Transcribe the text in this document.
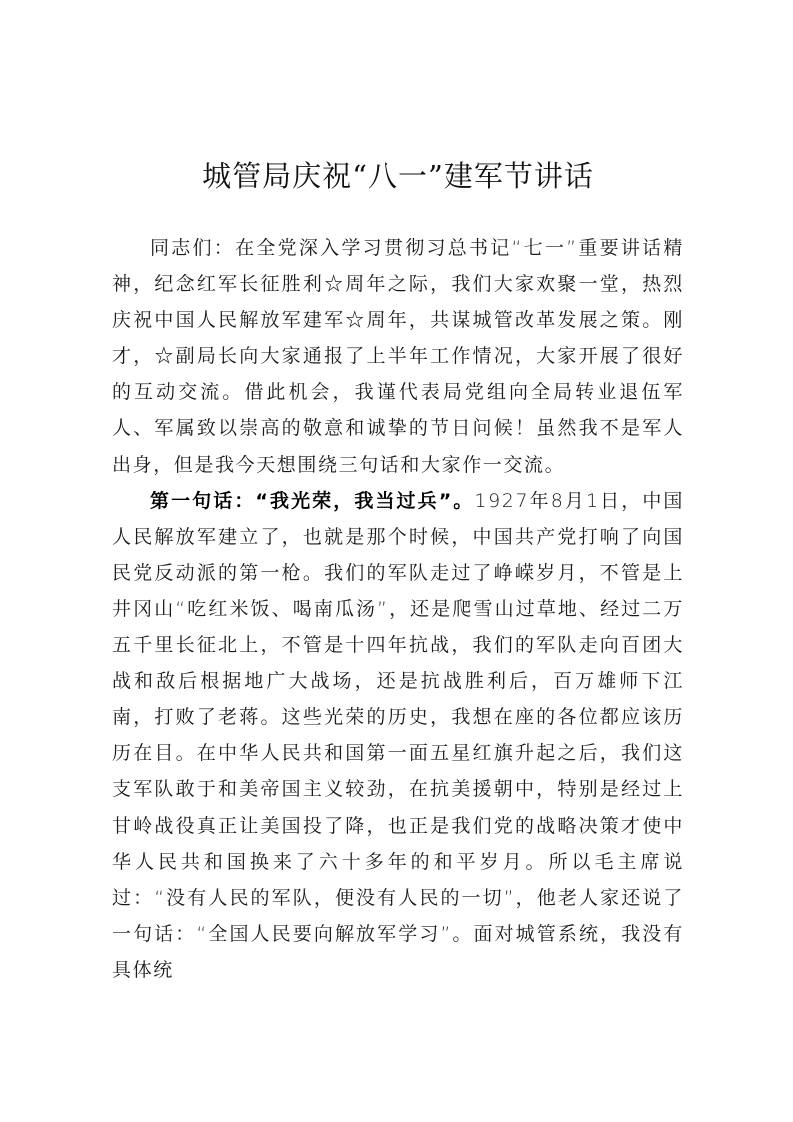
城管局庆祝“八一”建军节讲话

同志们：在全党深入学习贯彻习总书记“七一”重要讲话精神，纪念红军长征胜利☆周年之际，我们大家欢聚一堂，热烈庆祝中国人民解放军建军☆周年，共谋城管改革发展之策。刚才，☆副局长向大家通报了上半年工作情况，大家开展了很好的互动交流。借此机会，我谨代表局党组向全局转业退伍军人、军属致以崇高的敬意和诚挚的节日问候！虽然我不是军人出身，但是我今天想围绕三句话和大家作一交流。

第一句话：“我光荣，我当过兵”。1927年8月1日，中国人民解放军建立了，也就是那个时候，中国共产党打响了向国民党反动派的第一枪。我们的军队走过了峥嵘岁月，不管是上井冈山“吃红米饭、喝南瓜汤”，还是爬雪山过草地、经过二万五千里长征北上，不管是十四年抗战，我们的军队走向百团大战和敌后根据地广大战场，还是抗战胜利后，百万雄师下江南，打败了老蒋。这些光荣的历史，我想在座的各位都应该历历在目。在中华人民共和国第一面五星红旗升起之后，我们这支军队敢于和美帝国主义较劲，在抗美援朝中，特别是经过上甘岭战役真正让美国投了降，也正是我们党的战略决策才使中华人民共和国换来了六十多年的和平岁月。所以毛主席说过：“没有人民的军队，便没有人民的一切”，他老人家还说了一句话：“全国人民要向解放军学习”。面对城管系统，我没有具体统
